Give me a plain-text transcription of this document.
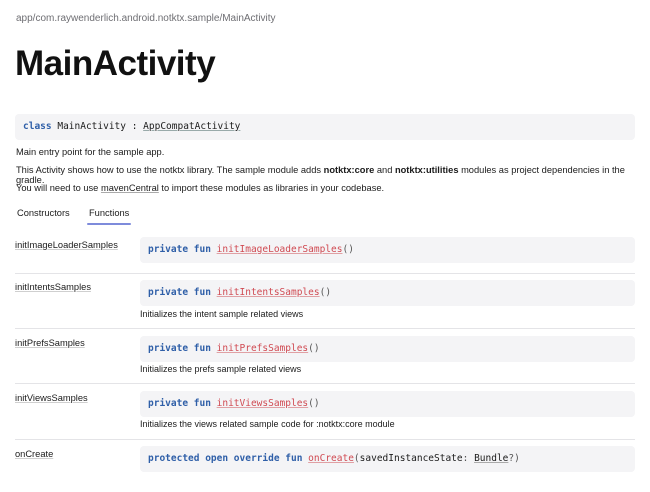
app/com.raywenderlich.android.notktx.sample/MainActivity
MainActivity
class MainActivity : AppCompatActivity
Main entry point for the sample app.
This Activity shows how to use the notktx library. The sample module adds notktx:core and notktx:utilities modules as project dependencies in the gradle.
You will need to use mavenCentral to import these modules as libraries in your codebase.
Constructors Functions
initImageLoaderSamples	private fun initImageLoaderSamples()
initIntentsSamples	private fun initIntentsSamples()
Initializes the intent sample related views
initPrefsSamples	private fun initPrefsSamples()
Initializes the prefs sample related views
initViewsSamples	private fun initViewsSamples()
Initializes the views related sample code for :notktx:core module
onCreate	protected open override fun onCreate(savedInstanceState: Bundle?)
